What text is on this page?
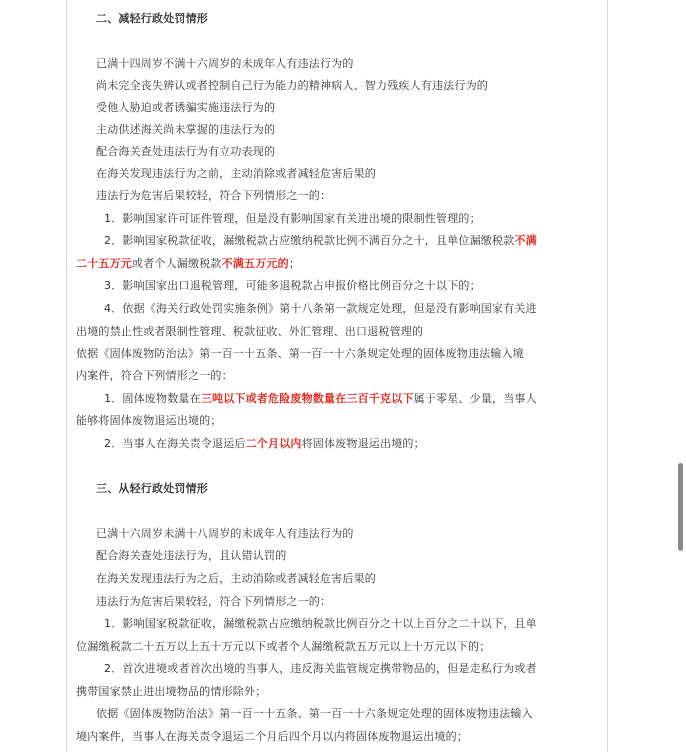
二、减轻行政处罚情形
已满十四周岁不满十六周岁的未成年人有违法行为的
尚未完全丧失辨认或者控制自己行为能力的精神病人、智力残疾人有违法行为的
受他人胁迫或者诱骗实施违法行为的
主动供述海关尚未掌握的违法行为的
配合海关查处违法行为有立功表现的
在海关发现违法行为之前，主动消除或者减轻危害后果的
违法行为危害后果较轻，符合下列情形之一的：
1．影响国家许可证件管理，但是没有影响国家有关进出境的限制性管理的；
2．影响国家税款征收，漏缴税款占应缴纳税款比例不满百分之十，且单位漏缴税款不满
二十五万元或者个人漏缴税款不满五万元的；
3．影响国家出口退税管理，可能多退税款占申报价格比例百分之十以下的；
4．依据《海关行政处罚实施条例》第十八条第一款规定处理，但是没有影响国家有关进
出境的禁止性或者限制性管理、税款征收、外汇管理、出口退税管理的
依据《固体废物防治法》第一百一十五条、第一百一十六条规定处理的固体废物违法输入境
内案件，符合下列情形之一的：
1．固体废物数量在三吨以下或者危险废物数量在三百千克以下属于零星、少量，当事人
能够将固体废物退运出境的；
2．当事人在海关责令退运后二个月以内将固体废物退运出境的；
三、从轻行政处罚情形
已满十六周岁未满十八周岁的未成年人有违法行为的
配合海关查处违法行为，且认错认罚的
在海关发现违法行为之后，主动消除或者减轻危害后果的
违法行为危害后果较轻，符合下列情形之一的：
1．影响国家税款征收，漏缴税款占应缴纳税款比例百分之十以上百分之二十以下，且单
位漏缴税款二十五万以上五十万元以下或者个人漏缴税款五万元以上十万元以下的；
2．首次进境或者首次出境的当事人，违反海关监管规定携带物品的，但是走私行为或者
携带国家禁止进出境物品的情形除外；
依据《固体废物防治法》第一百一十五条、第一百一十六条规定处理的固体废物违法输入
境内案件，当事人在海关责令退运二个月后四个月以内将固体废物退运出境的；
